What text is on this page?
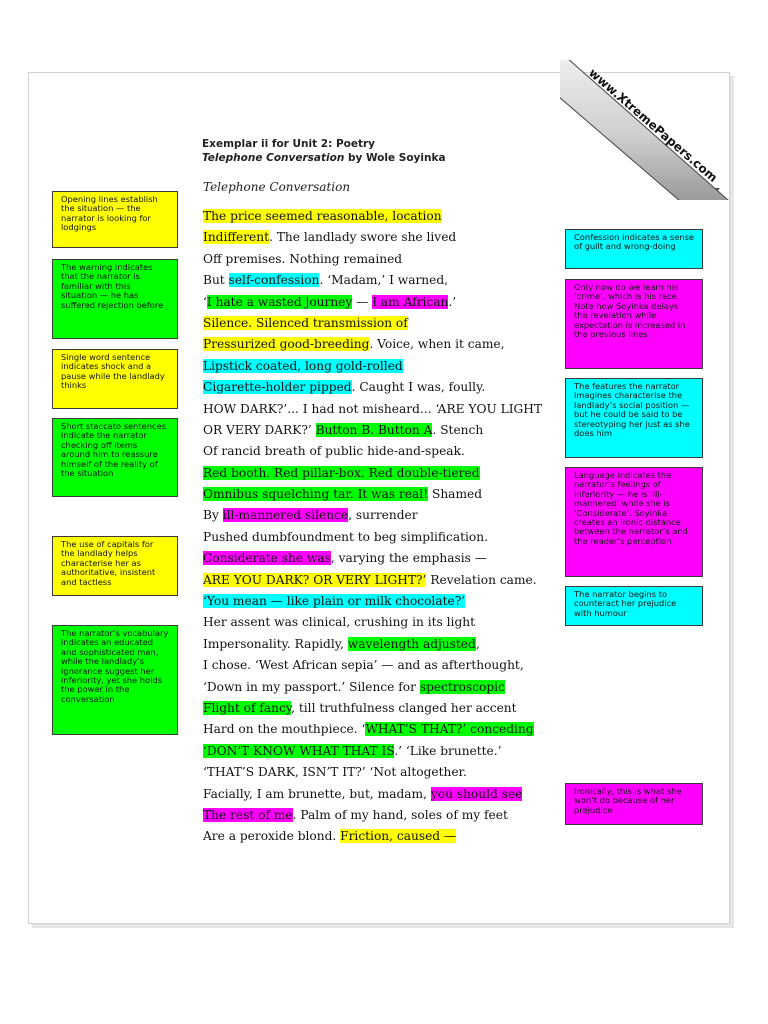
www.XtremePapers.com
Exemplar ii for Unit 2: Poetry
Telephone Conversation by Wole Soyinka
Telephone Conversation
The price seemed reasonable, location
Indifferent. The landlady swore she lived
Off premises. Nothing remained
But self-confession. ‘Madam,’ I warned,
‘I hate a wasted journey — I am African.’
Silence. Silenced transmission of
Pressurized good-breeding. Voice, when it came,
Lipstick coated, long gold-rolled
Cigarette-holder pipped. Caught I was, foully.
HOW DARK?’... I had not misheard... ‘ARE YOU LIGHT
OR VERY DARK?’ Button B. Button A. Stench
Of rancid breath of public hide-and-speak.
Red booth. Red pillar-box. Red double-tiered
Omnibus squelching tar. It was real! Shamed
By ill-mannered silence, surrender
Pushed dumbfoundment to beg simplification.
Considerate she was, varying the emphasis —
ARE YOU DARK? OR VERY LIGHT?’ Revelation came.
‘You mean — like plain or milk chocolate?’
Her assent was clinical, crushing in its light
Impersonality. Rapidly, wavelength adjusted,
I chose. ‘West African sepia’ — and as afterthought,
‘Down in my passport.’ Silence for spectroscopic
Flight of fancy, till truthfulness clanged her accent
Hard on the mouthpiece. ‘WHAT’S THAT?’ conceding
‘DON’T KNOW WHAT THAT IS.’ ‘Like brunette.’
‘THAT’S DARK, ISN’T IT?’ ‘Not altogether.
Facially, I am brunette, but, madam, you should see
The rest of me. Palm of my hand, soles of my feet
Are a peroxide blond. Friction, caused —
Opening lines establish the situation — the narrator is looking for lodgings
The warning indicates that the narrator is familiar with this situation — he has suffered rejection before
Single word sentence indicates shock and a pause while the landlady thinks
Short staccato sentences indicate the narrator checking off items around him to reassure himself of the reality of the situation
The use of capitals for the landlady helps characterise her as authoritative, insistent and tactless
The narrator’s vocabulary indicates an educated and sophisticated man, while the landlady’s ignorance suggest her inferiority, yet she holds the power in the conversation
Confession indicates a sense of guilt and wrong-doing
Only now do we learn his ‘crime’, which is his race. Note how Soyinka delays the revelation while expectation is increased in the previous lines
The features the narrator imagines characterise the landlady’s social position — but he could be said to be stereotyping her just as she does him
Language indicates the narrator’s feelings of inferiority — he is ‘ill-mannered’ while she is ‘Considerate’. Soyinka creates an ironic distance between the narrator’s and the reader’s perception
The narrator begins to counteract her prejudice with humour
Ironically, this is what she won’t do because of her prejudice
